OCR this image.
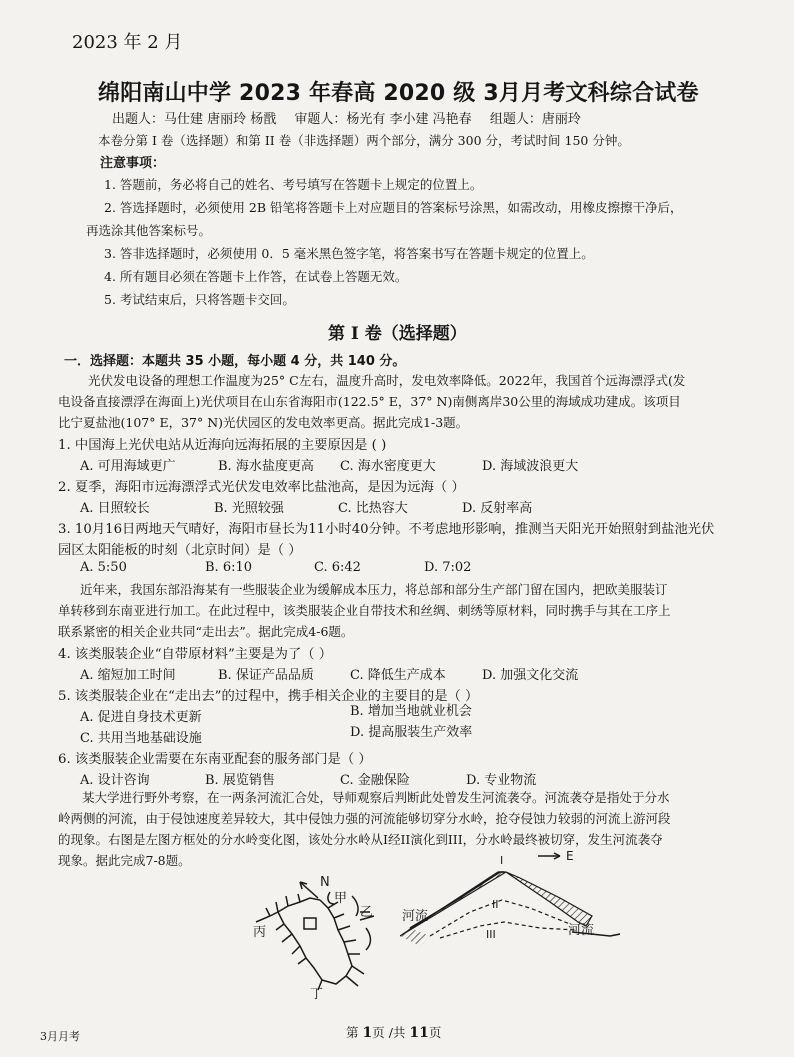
2023 年 2 月
绵阳南山中学 2023 年春高 2020 级 3月月考文科综合试卷
出题人：马仕建 唐丽玲 杨戬 审题人：杨光有 李小建 冯艳春 组题人：唐丽玲
本卷分第 I 卷（选择题）和第 II 卷（非选择题）两个部分，满分 300 分，考试时间 150 分钟。
注意事项：
1. 答题前，务必将自己的姓名、考号填写在答题卡上规定的位置上。
2. 答选择题时，必须使用 2B 铅笔将答题卡上对应题目的答案标号涂黑，如需改动，用橡皮擦擦干净后，
再选涂其他答案标号。
3. 答非选择题时，必须使用 0．5 毫米黑色签字笔，将答案书写在答题卡规定的位置上。
4. 所有题目必须在答题卡上作答，在试卷上答题无效。
5. 考试结束后，只将答题卡交回。
第 I 卷（选择题）
一．选择题：本题共 35 小题，每小题 4 分，共 140 分。
光伏发电设备的理想工作温度为25° C左右，温度升高时，发电效率降低。2022年，我国首个远海漂浮式(发
电设备直接漂浮在海面上)光伏项目在山东省海阳市(122.5° E，37° N)南侧离岸30公里的海域成功建成。该项目
比宁夏盐池(107° E，37° N)光伏园区的发电效率更高。据此完成1-3题。
1. 中国海上光伏电站从近海向远海拓展的主要原因是 ( )
A. 可用海域更广	B. 海水盐度更高 C. 海水密度更大	D. 海域波浪更大
2. 夏季，海阳市远海漂浮式光伏发电效率比盐池高，是因为远海（ ）
A. 日照较长	B. 光照较强	C. 比热容大	D. 反射率高
3. 10月16日两地天气晴好，海阳市昼长为11小时40分钟。不考虑地形影响，推测当天阳光开始照射到盐池光伏
园区太阳能板的时刻（北京时间）是（ ）
A. 5:50	B. 6:10	C. 6:42	D. 7:02
近年来，我国东部沿海某有一些服装企业为缓解成本压力，将总部和部分生产部门留在国内，把欧美服装订
单转移到东南亚进行加工。在此过程中，该类服装企业自带技术和丝绸、刺绣等原材料，同时携手与其在工序上
联系紧密的相关企业共同“走出去”。据此完成4-6题。
4. 该类服装企业“自带原材料”主要是为了（ ）
A. 缩短加工时间	B. 保证产品品质	C. 降低生产成本	D. 加强文化交流
5. 该类服装企业在“走出去”的过程中，携手相关企业的主要目的是（ ）
A. 促进自身技术更新	B. 增加当地就业机会
C. 共用当地基础设施	D. 提高服装生产效率
6. 该类服装企业需要在东南亚配套的服务部门是（ ）
A. 设计咨询	B. 展览销售	C. 金融保险	D. 专业物流
某大学进行野外考察，在一两条河流汇合处，导师观察后判断此处曾发生河流袭夺。河流袭夺是指处于分水
岭两侧的河流，由于侵蚀速度差异较大，其中侵蚀力强的河流能够切穿分水岭，抢夺侵蚀力较弱的河流上游河段
的现象。右图是左图方框处的分水岭变化图，该处分水岭从I经II演化到III，分水岭最终被切穿，发生河流袭夺
现象。据此完成7-8题。
N
甲
乙
丙
丁
E
I
II
III
河流
河流
第 1页 /共 11页
3月月考
